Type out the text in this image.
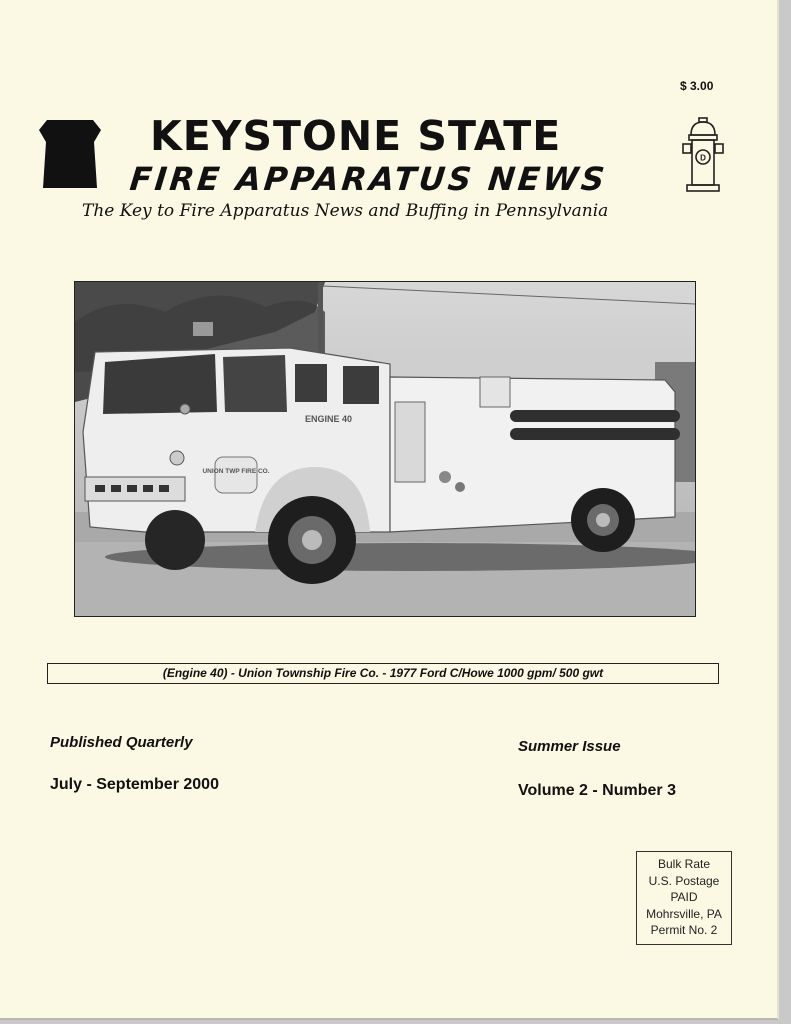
$ 3.00
KEYSTONE STATE
FIRE APPARATUS NEWS
The Key to Fire Apparatus News and Buffing in Pennsylvania
D
ENGINE 40
UNION TWP FIRE CO.
(Engine 40) - Union Township Fire Co. - 1977 Ford C/Howe 1000 gpm/ 500 gwt
Published Quarterly
July - September 2000
Summer Issue
Volume 2 - Number 3
Bulk Rate
U.S. Postage
PAID
Mohrsville, PA
Permit No. 2
